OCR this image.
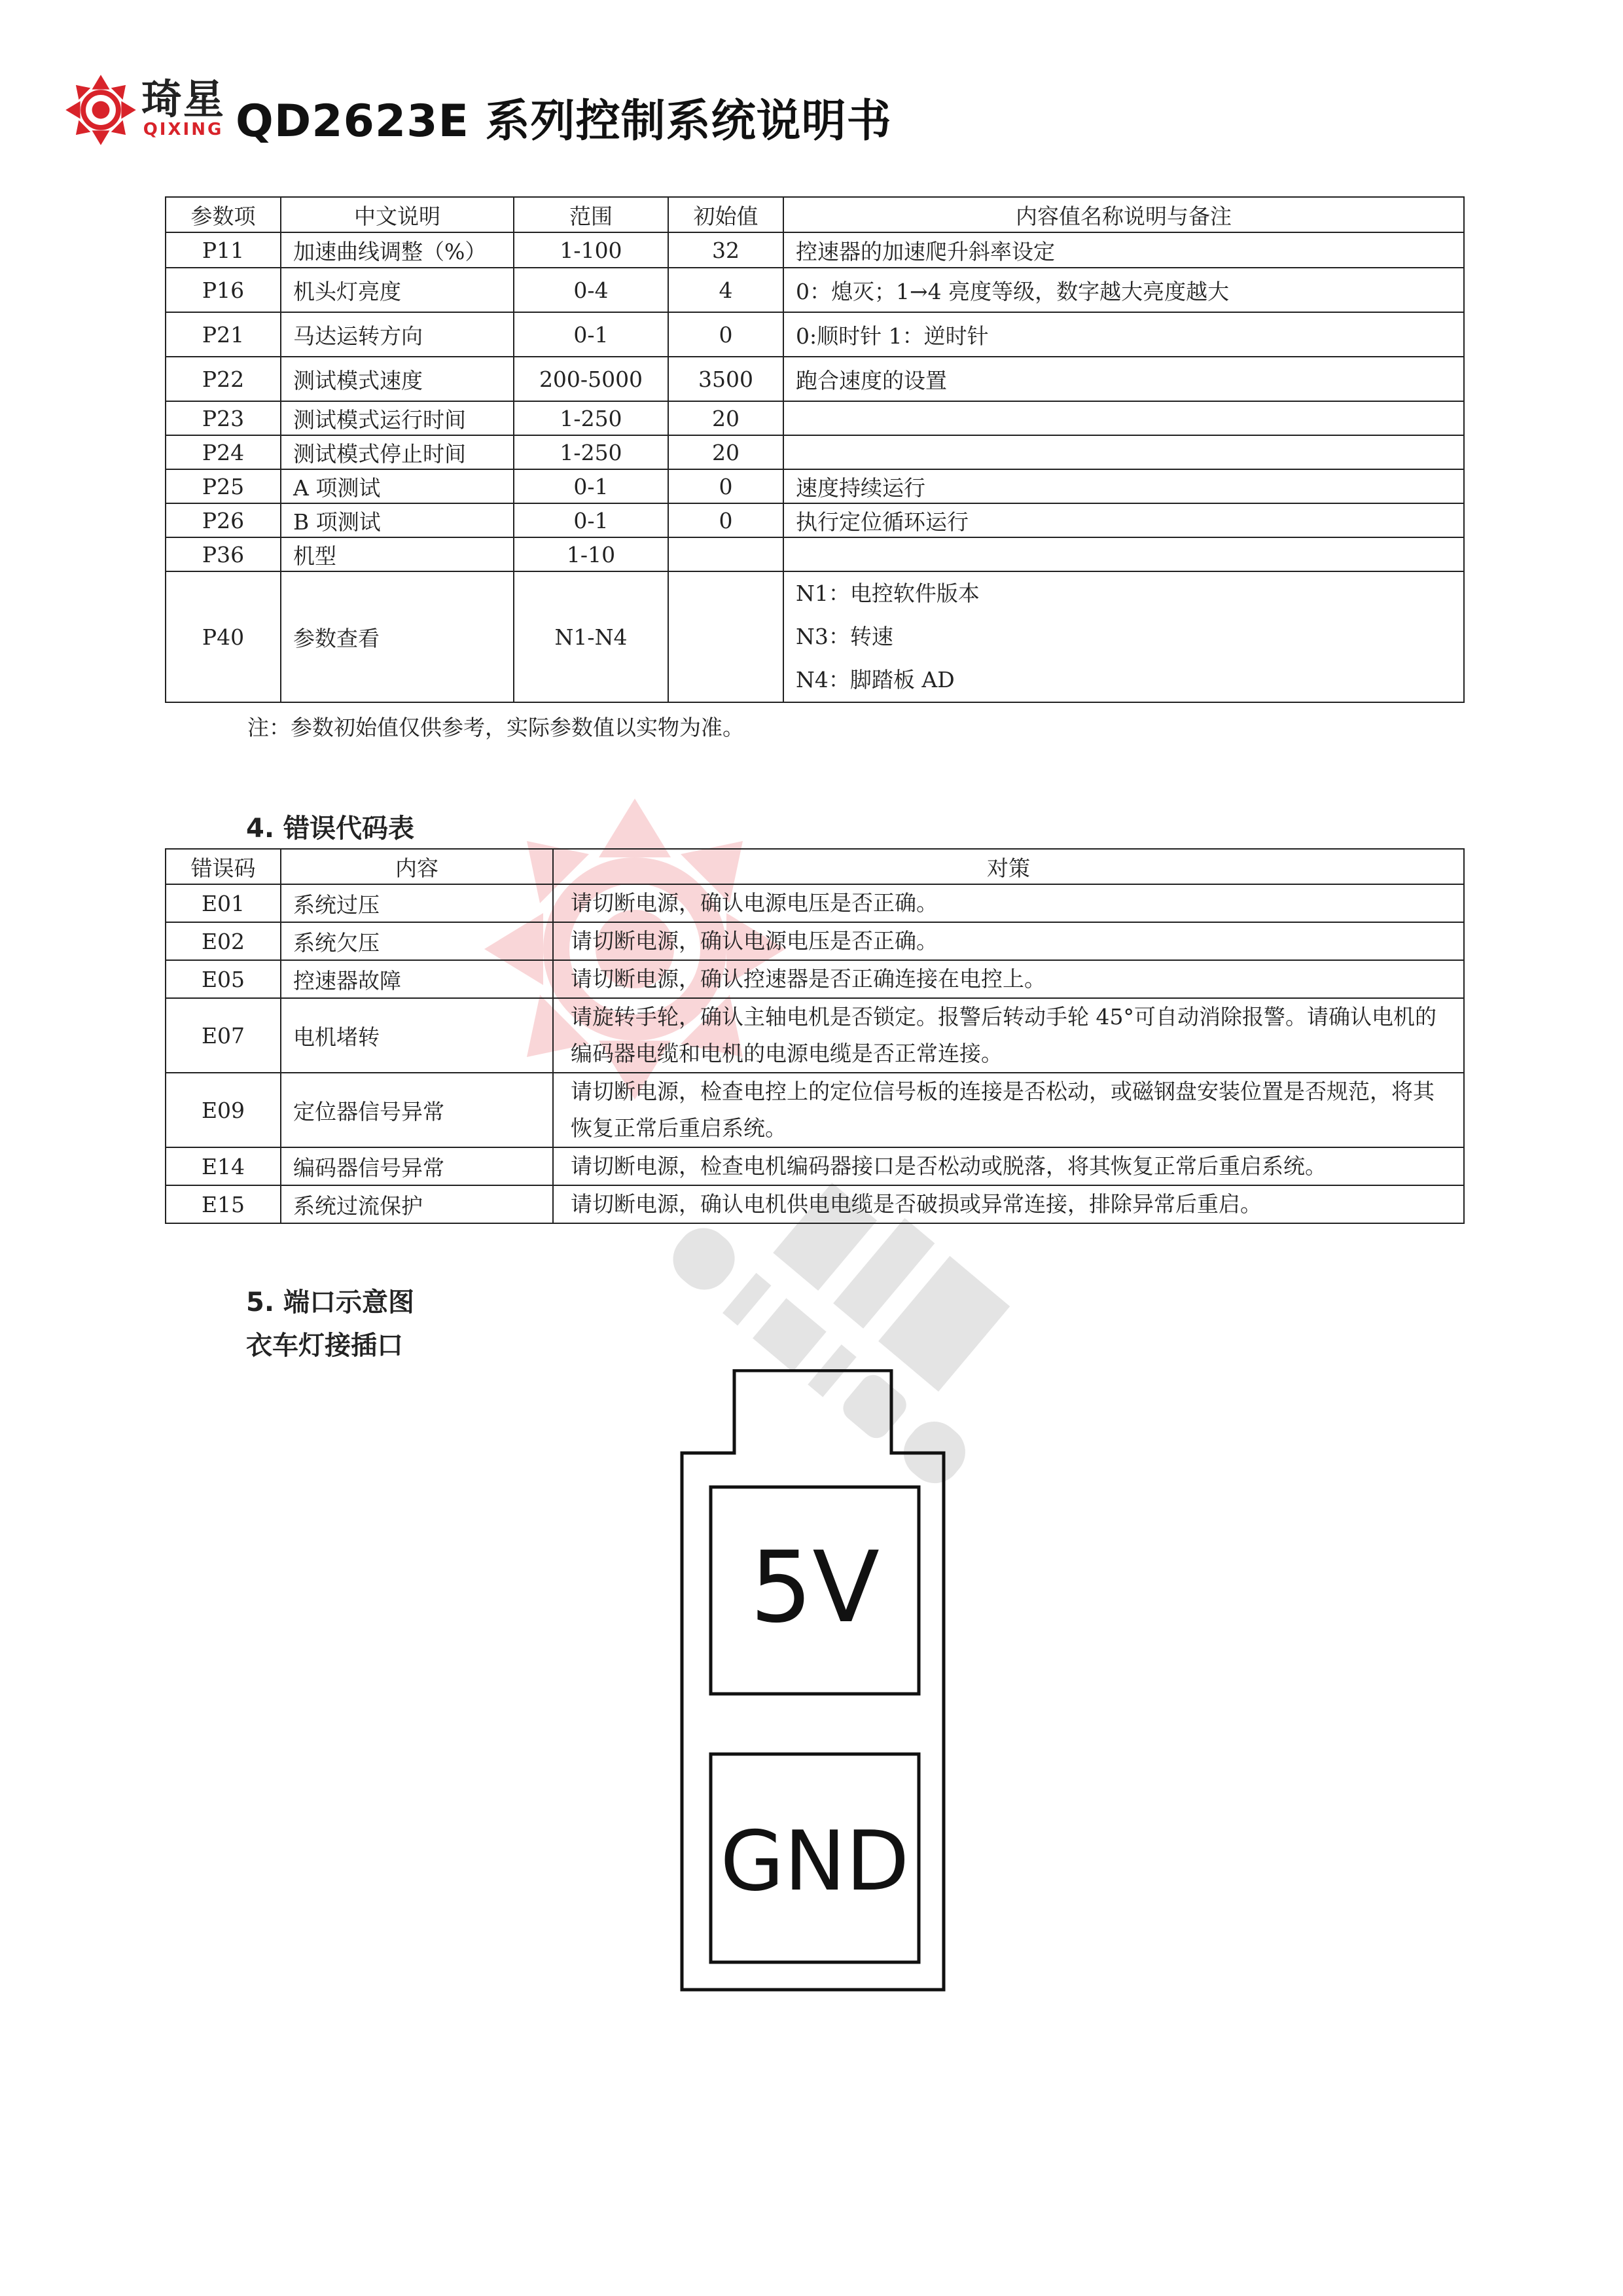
琦星
QIXING QD2623E 系列控制系统说明书
参数项	中文说明	范围	初始值	内容值名称说明与备注
P11	加速曲线调整（%）	1-100	32	控速器的加速爬升斜率设定
P16	机头灯亮度	0-4	4	0：熄灭；1→4 亮度等级，数字越大亮度越大
P21	马达运转方向	0-1	0	0:顺时针 1：逆时针
P22	测试模式速度	200-5000	3500	跑合速度的设置
P23	测试模式运行时间	1-250	20	
P24	测试模式停止时间	1-250	20	
P25	A 项测试	0-1	0	速度持续运行
P26	B 项测试	0-1	0	执行定位循环运行
P36	机型	1-10		
P40	参数查看	N1-N4		N1：电控软件版本
N3：转速
N4：脚踏板 AD
注：参数初始值仅供参考，实际参数值以实物为准。
4. 错误代码表
错误码	内容	对策
E01	系统过压	请切断电源，确认电源电压是否正确。
E02	系统欠压	请切断电源，确认电源电压是否正确。
E05	控速器故障	请切断电源，确认控速器是否正确连接在电控上。
E07	电机堵转	请旋转手轮，确认主轴电机是否锁定。报警后转动手轮 45°可自动消除报警。请确认电机的编码器电缆和电机的电源电缆是否正常连接。
E09	定位器信号异常	请切断电源，检查电控上的定位信号板的连接是否松动，或磁钢盘安装位置是否规范，将其恢复正常后重启系统。
E14	编码器信号异常	请切断电源，检查电机编码器接口是否松动或脱落，将其恢复正常后重启系统。
E15	系统过流保护	请切断电源，确认电机供电电缆是否破损或异常连接，排除异常后重启。
5. 端口示意图
衣车灯接插口
5V
GND
